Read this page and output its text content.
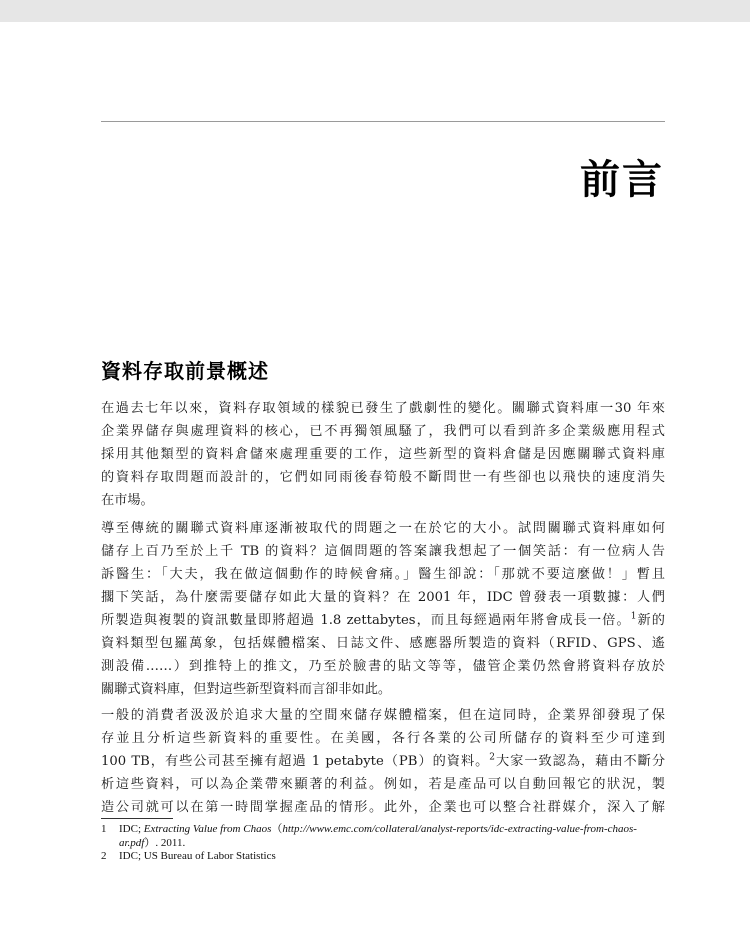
前言
資料存取前景概述
在過去七年以來，資料存取領域的樣貌已發生了戲劇性的變化。關聯式資料庫一30 年來
企業界儲存與處理資料的核心，已不再獨領風騷了，我們可以看到許多企業級應用程式
採用其他類型的資料倉儲來處理重要的工作，這些新型的資料倉儲是因應關聯式資料庫
的資料存取問題而設計的，它們如同雨後春筍般不斷問世一有些卻也以飛快的速度消失
在市場。
導至傳統的關聯式資料庫逐漸被取代的問題之一在於它的大小。試問關聯式資料庫如何
儲存上百乃至於上千 TB 的資料？這個問題的答案讓我想起了一個笑話：有一位病人告
訴醫生：「大夫，我在做這個動作的時候會痛。」醫生卻說：「那就不要這麼做！」暫且
擱下笑話，為什麼需要儲存如此大量的資料？在 2001 年，IDC 曾發表一項數據：人們
所製造與複製的資訊數量即將超過 1.8 zettabytes，而且每經過兩年將會成長一倍。$^1$新的
資料類型包羅萬象，包括媒體檔案、日誌文件、感應器所製造的資料（RFID、GPS、遙
測設備……）到推特上的推文，乃至於臉書的貼文等等，儘管企業仍然會將資料存放於
關聯式資料庫，但對這些新型資料而言卻非如此。
一般的消費者汲汲於追求大量的空間來儲存媒體檔案，但在這同時，企業界卻發現了保
存並且分析這些新資料的重要性。在美國，各行各業的公司所儲存的資料至少可達到
100 TB，有些公司甚至擁有超過 1 petabyte（PB）的資料。$^2$大家一致認為，藉由不斷分
析這些資料，可以為企業帶來顯著的利益。例如，若是產品可以自動回報它的狀況，製
造公司就可以在第一時間掌握產品的情形。此外，企業也可以整合社群媒介，深入了解
1 IDC; Extracting Value from Chaos（http://www.emc.com/collateral/analyst-reports/idc-extracting-value-from-chaos-ar.pdf）. 2011.
2 IDC; US Bureau of Labor Statistics
